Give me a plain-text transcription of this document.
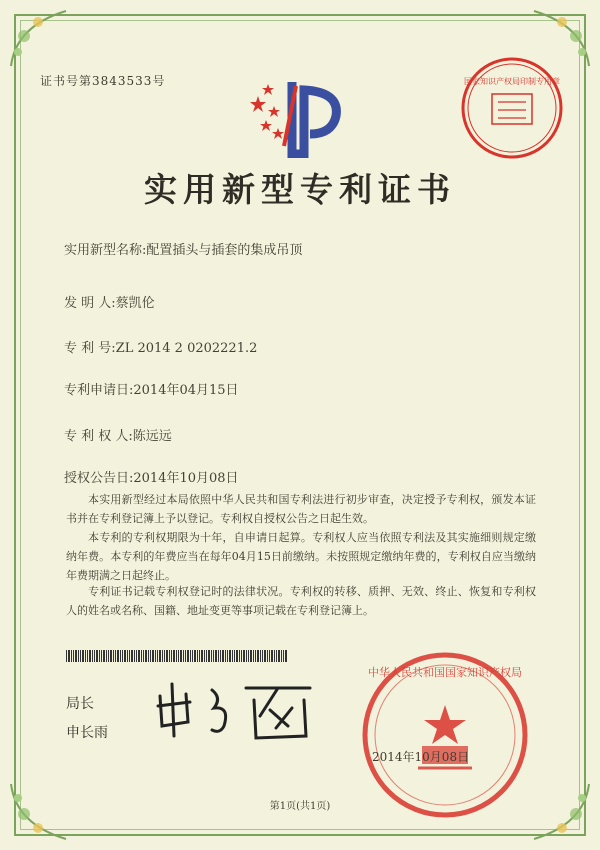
证书号第3843533号
实用新型专利证书
实用新型名称:配置插头与插套的集成吊顶
发 明 人:蔡凯伦
专 利 号:ZL 2014 2 0202221.2
专利申请日:2014年04月15日
专 利 权 人:陈远远
授权公告日:2014年10月08日
本实用新型经过本局依照中华人民共和国专利法进行初步审查，决定授予专利权，颁发本证书并在专利登记簿上予以登记。专利权自授权公告之日起生效。
本专利的专利权期限为十年，自申请日起算。专利权人应当依照专利法及其实施细则规定缴纳年费。本专利的年费应当在每年04月15日前缴纳。未按照规定缴纳年费的，专利权自应当缴纳年费期满之日起终止。
专利证书记载专利权登记时的法律状况。专利权的转移、质押、无效、终止、恢复和专利权人的姓名或名称、国籍、地址变更等事项记载在专利登记簿上。
局长
申长雨
国家知识产权局印制专用章
中华人民共和国国家知识产权局
2014年10月08日
第1页(共1页)
